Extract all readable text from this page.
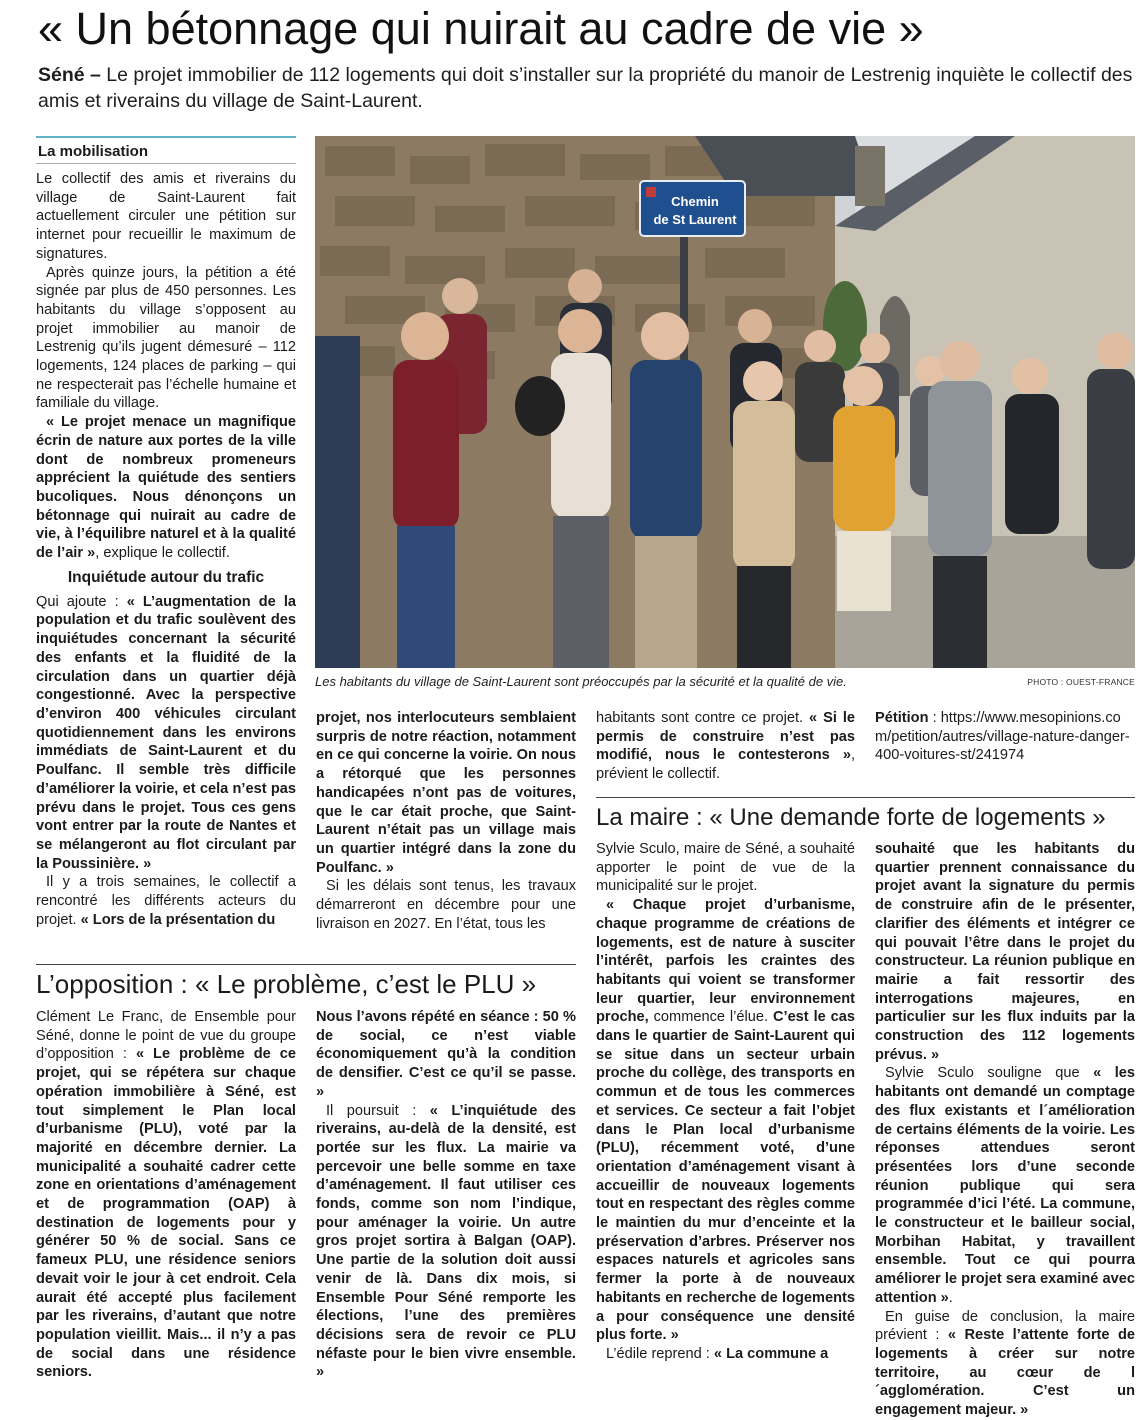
« Un bétonnage qui nuirait au cadre de vie »
Séné – Le projet immobilier de 112 logements qui doit s’installer sur la propriété du manoir de Lestrenig inquiète le collectif des amis et riverains du village de Saint-Laurent.
La mobilisation

Le collectif des amis et riverains du village de Saint-Laurent fait actuellement circuler une pétition sur internet pour recueillir le maximum de signatures.

Après quinze jours, la pétition a été signée par plus de 450 personnes. Les habitants du village s’opposent au projet immobilier au manoir de Lestrenig qu’ils jugent démesuré – 112 logements, 124 places de parking – qui ne respecterait pas l’échelle humaine et familiale du village.

« Le projet menace un magnifique écrin de nature aux portes de la ville dont de nombreux promeneurs apprécient la quiétude des sentiers bucoliques. Nous dénonçons un bétonnage qui nuirait au cadre de vie, à l’équilibre naturel et à la qualité de l’air », explique le collectif.

Inquiétude autour du trafic

Qui ajoute : « L’augmentation de la population et du trafic soulèvent des inquiétudes concernant la sécurité des enfants et la fluidité de la circulation dans un quartier déjà congestionné. Avec la perspective d’environ 400 véhicules circulant quotidiennement dans les environs immédiats de Saint-Laurent et du Poulfanc. Il semble très difficile d’améliorer la voirie, et cela n’est pas prévu dans le projet. Tous ces gens vont entrer par la route de Nantes et se mélangeront au flot circulant par la Poussinière. »

Il y a trois semaines, le collectif a rencontré les différents acteurs du projet. « Lors de la présentation du

Chemin
de St Laurent
Les habitants du village de Saint-Laurent sont préoccupés par la sécurité et la qualité de vie.	PHOTO : OUEST-FRANCE

projet, nos interlocuteurs semblaient surpris de notre réaction, notamment en ce qui concerne la voirie. On nous a rétorqué que les personnes handicapées n’ont pas de voitures, que le car était proche, que Saint-Laurent n’était pas un village mais un quartier intégré dans la zone du Poulfanc. »

Si les délais sont tenus, les travaux démarreront en décembre pour une livraison en 2027. En l’état, tous les

habitants sont contre ce projet. « Si le permis de construire n’est pas modifié, nous le contesterons », prévient le collectif.

Pétition : https://www.mesopinions.com/petition/autres/village-nature-danger-400-voitures-st/241974

La maire : « Une demande forte de logements »

Sylvie Sculo, maire de Séné, a souhaité apporter le point de vue de la municipalité sur le projet.

« Chaque projet d’urbanisme, chaque programme de créations de logements, est de nature à susciter l’intérêt, parfois les craintes des habitants qui voient se transformer leur quartier, leur environnement proche, commence l’élue. C’est le cas dans le quartier de Saint-Laurent qui se situe dans un secteur urbain proche du collège, des transports en commun et de tous les commerces et services. Ce secteur a fait l’objet dans le Plan local d’urbanisme (PLU), récemment voté, d’une orientation d’aménagement visant à accueillir de nouveaux logements tout en respectant des règles comme le maintien du mur d’enceinte et la préservation d’arbres. Préserver nos espaces naturels et agricoles sans fermer la porte à de nouveaux habitants en recherche de logements a pour conséquence une densité plus forte. »

L’édile reprend : « La commune a

souhaité que les habitants du quartier prennent connaissance du projet avant la signature du permis de construire afin de le présenter, clarifier des éléments et intégrer ce qui pouvait l’être dans le projet du constructeur. La réunion publique en mairie a fait ressortir des interrogations majeures, en particulier sur les flux induits par la construction des 112 logements prévus. »

Sylvie Sculo souligne que « les habitants ont demandé un comptage des flux existants et l´amélioration de certains éléments de la voirie. Les réponses attendues seront présentées lors d’une seconde réunion publique qui sera programmée d’ici l’été. La commune, le constructeur et le bailleur social, Morbihan Habitat, y travaillent ensemble. Tout ce qui pourra améliorer le projet sera examiné avec attention ».

En guise de conclusion, la maire prévient : « Reste l’attente forte de logements à créer sur notre territoire, au cœur de l´agglomération. C’est un engagement majeur. »

L’opposition : « Le problème, c’est le PLU »

Clément Le Franc, de Ensemble pour Séné, donne le point de vue du groupe d’opposition : « Le problème de ce projet, qui se répétera sur chaque opération immobilière à Séné, est tout simplement le Plan local d’urbanisme (PLU), voté par la majorité en décembre dernier. La municipalité a souhaité cadrer cette zone en orientations d’aménagement et de programmation (OAP) à destination de logements pour y générer 50 % de social. Sans ce fameux PLU, une résidence seniors devait voir le jour à cet endroit. Cela aurait été accepté plus facilement par les riverains, d’autant que notre population vieillit. Mais... il n’y a pas de social dans une résidence seniors.

Nous l’avons répété en séance : 50 % de social, ce n’est viable économiquement qu’à la condition de densifier. C’est ce qu’il se passe. »

Il poursuit : « L’inquiétude des riverains, au-delà de la densité, est portée sur les flux. La mairie va percevoir une belle somme en taxe d’aménagement. Il faut utiliser ces fonds, comme son nom l’indique, pour aménager la voirie. Un autre gros projet sortira à Balgan (OAP). Une partie de la solution doit aussi venir de là. Dans dix mois, si Ensemble Pour Séné remporte les élections, l’une des premières décisions sera de revoir ce PLU néfaste pour le bien vivre ensemble. »
